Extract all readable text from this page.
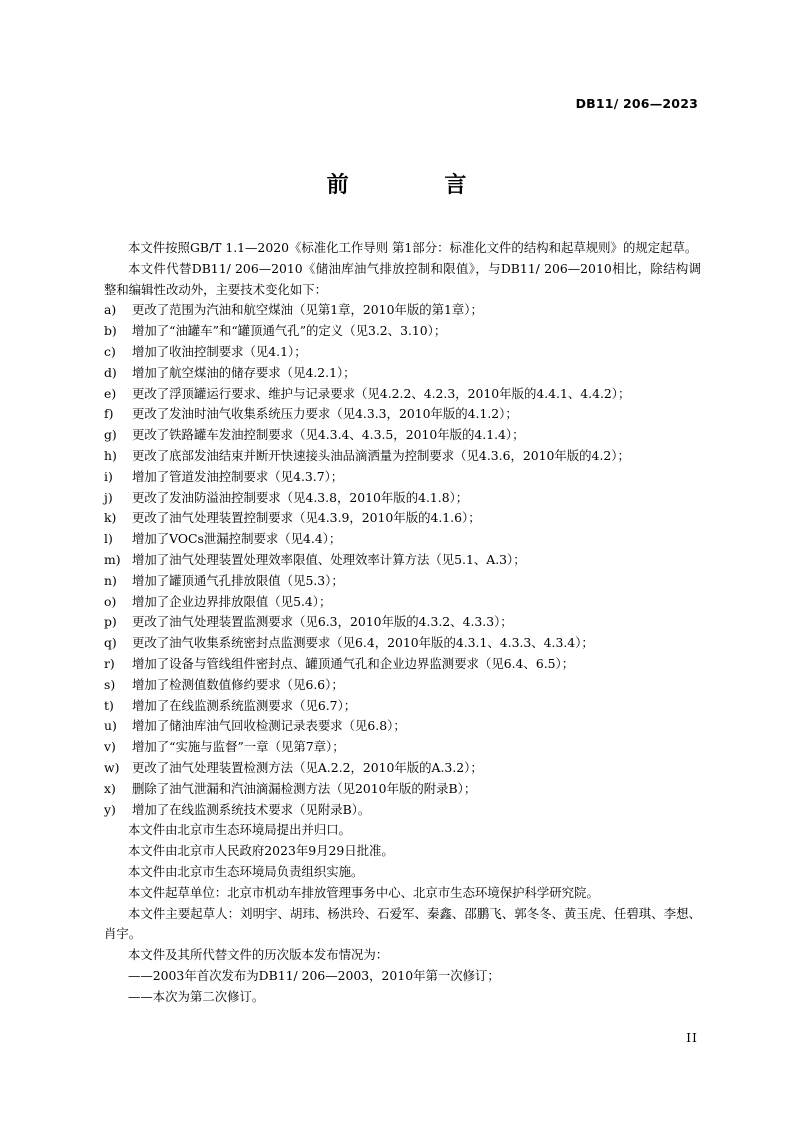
DB11/ 206—2023
前 言

本文件按照GB/T 1.1—2020《标准化工作导则 第1部分：标准化文件的结构和起草规则》的规定起草。

本文件代替DB11/ 206—2010《储油库油气排放控制和限值》，与DB11/ 206—2010相比，除结构调整和编辑性改动外，主要技术变化如下：

a)	更改了范围为汽油和航空煤油（见第1章，2010年版的第1章）；
b)	增加了“油罐车”和“罐顶通气孔”的定义（见3.2、3.10）；
c)	增加了收油控制要求（见4.1）；
d)	增加了航空煤油的储存要求（见4.2.1）；
e)	更改了浮顶罐运行要求、维护与记录要求（见4.2.2、4.2.3，2010年版的4.4.1、4.4.2）；
f)	更改了发油时油气收集系统压力要求（见4.3.3，2010年版的4.1.2）；
g)	更改了铁路罐车发油控制要求（见4.3.4、4.3.5，2010年版的4.1.4）；
h)	更改了底部发油结束并断开快速接头油品滴洒量为控制要求（见4.3.6，2010年版的4.2）；
i)	增加了管道发油控制要求（见4.3.7）；
j)	更改了发油防溢油控制要求（见4.3.8，2010年版的4.1.8）；
k)	更改了油气处理装置控制要求（见4.3.9，2010年版的4.1.6）；
l)	增加了VOCs泄漏控制要求（见4.4）；
m) 增加了油气处理装置处理效率限值、处理效率计算方法（见5.1、A.3）；
n)	增加了罐顶通气孔排放限值（见5.3）；
o)	增加了企业边界排放限值（见5.4）；
p)	更改了油气处理装置监测要求（见6.3，2010年版的4.3.2、4.3.3）；
q)	更改了油气收集系统密封点监测要求（见6.4，2010年版的4.3.1、4.3.3、4.3.4）；
r)	增加了设备与管线组件密封点、罐顶通气孔和企业边界监测要求（见6.4、6.5）；
s)	增加了检测值数值修约要求（见6.6）；
t)	增加了在线监测系统监测要求（见6.7）；
u)	增加了储油库油气回收检测记录表要求（见6.8）；
v)	增加了“实施与监督”一章（见第7章）；
w)	更改了油气处理装置检测方法（见A.2.2，2010年版的A.3.2）；
x)	删除了油气泄漏和汽油滴漏检测方法（见2010年版的附录B）；
y)	增加了在线监测系统技术要求（见附录B）。

本文件由北京市生态环境局提出并归口。

本文件由北京市人民政府2023年9月29日批准。

本文件由北京市生态环境局负责组织实施。

本文件起草单位：北京市机动车排放管理事务中心、北京市生态环境保护科学研究院。

本文件主要起草人：刘明宇、胡玮、杨洪玲、石爱军、秦鑫、邵鹏飞、郭冬冬、黄玉虎、任碧琪、李想、肖宇。

本文件及其所代替文件的历次版本发布情况为：

——2003年首次发布为DB11/ 206—2003，2010年第一次修订；

——本次为第二次修订。

II
